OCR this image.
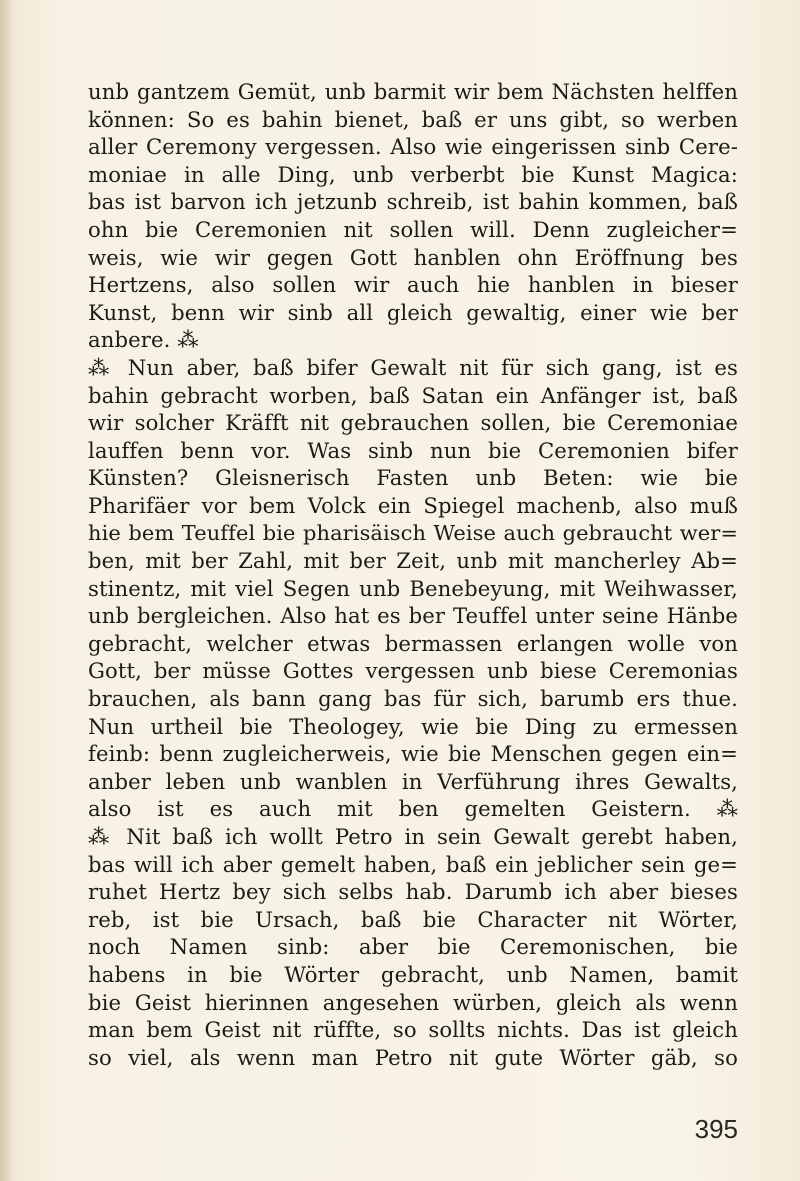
unb gantzem Gemüt, unb barmit wir bem Nächsten helffen
können: So es bahin bienet, baß er uns gibt, so werben
aller Ceremony vergessen. Also wie eingerissen sinb Cere-
moniae in alle Ding, unb verberbt bie Kunst Magica:
bas ist barvon ich jetzunb schreib, ist bahin kommen, baß
ohn bie Ceremonien nit sollen will. Denn zugleicher=
weis, wie wir gegen Gott hanblen ohn Eröffnung bes
Hertzens, also sollen wir auch hie hanblen in bieser
Kunst, benn wir sinb all gleich gewaltig, einer wie ber
anbere. ⁂
⁂ Nun aber, baß bifer Gewalt nit für sich gang, ist es
bahin gebracht worben, baß Satan ein Anfänger ist, baß
wir solcher Kräfft nit gebrauchen sollen, bie Ceremoniae
lauffen benn vor. Was sinb nun bie Ceremonien bifer
Künsten? Gleisnerisch Fasten unb Beten: wie bie
Pharifäer vor bem Volck ein Spiegel machenb, also muß
hie bem Teuffel bie pharisäisch Weise auch gebraucht wer=
ben, mit ber Zahl, mit ber Zeit, unb mit mancherley Ab=
stinentz, mit viel Segen unb Benebeyung, mit Weihwasser,
unb bergleichen. Also hat es ber Teuffel unter seine Hänbe
gebracht, welcher etwas bermassen erlangen wolle von
Gott, ber müsse Gottes vergessen unb biese Ceremonias
brauchen, als bann gang bas für sich, barumb ers thue.
Nun urtheil bie Theologey, wie bie Ding zu ermessen
feinb: benn zugleicherweis, wie bie Menschen gegen ein=
anber leben unb wanblen in Verführung ihres Gewalts,
also ist es auch mit ben gemelten Geistern. ⁂
⁂ Nit baß ich wollt Petro in sein Gewalt gerebt haben,
bas will ich aber gemelt haben, baß ein jeblicher sein ge=
ruhet Hertz bey sich selbs hab. Darumb ich aber bieses
reb, ist bie Ursach, baß bie Character nit Wörter,
noch Namen sinb: aber bie Ceremonischen, bie
habens in bie Wörter gebracht, unb Namen, bamit
bie Geist hierinnen angesehen würben, gleich als wenn
man bem Geist nit rüffte, so sollts nichts. Das ist gleich
so viel, als wenn man Petro nit gute Wörter gäb, so
395
